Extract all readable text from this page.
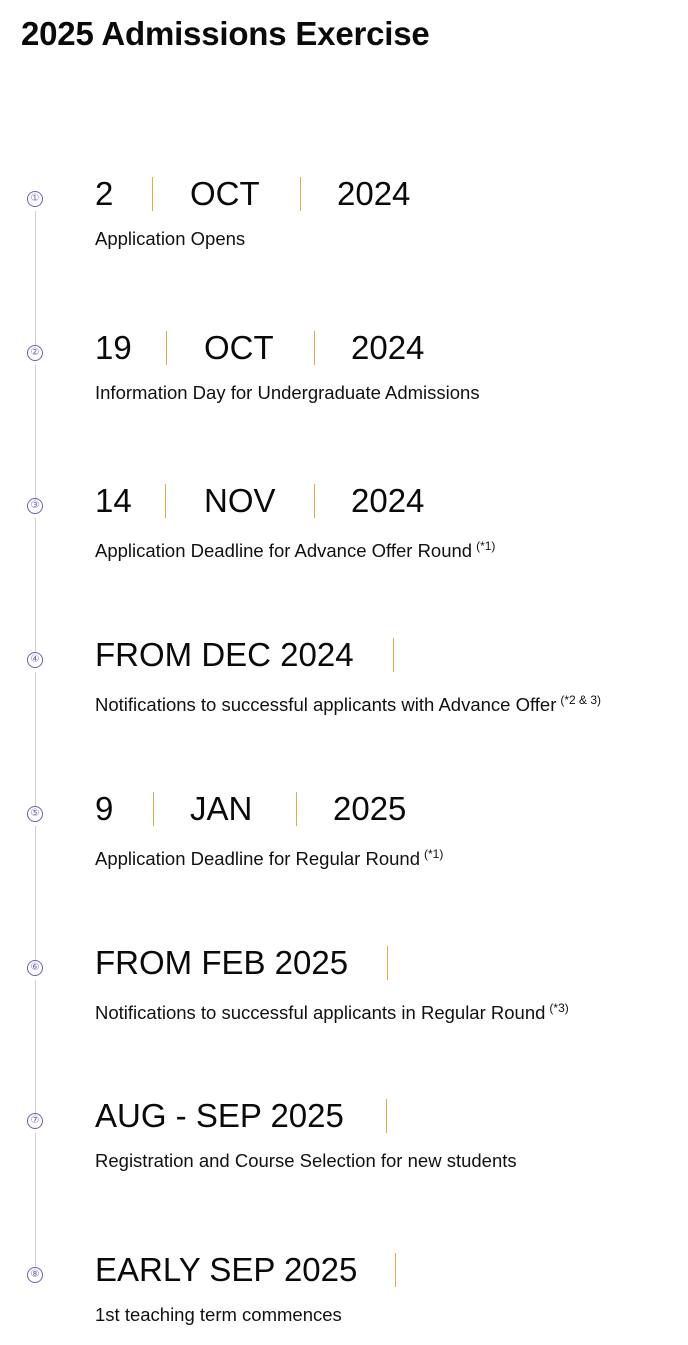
2025 Admissions Exercise
① 2	OCT	2024
Application Opens
② 19	OCT	2024
Information Day for Undergraduate Admissions
③ 14	NOV	2024
Application Deadline for Advance Offer Round $^{(*1)}$
④ FROM DEC 2024
Notifications to successful applicants with Advance Offer $^{(*2 \& 3)}$
⑤ 9	JAN	2025
Application Deadline for Regular Round $^{(*1)}$
⑥ FROM FEB 2025
Notifications to successful applicants in Regular Round $^{(*3)}$
⑦ AUG - SEP 2025
Registration and Course Selection for new students
⑧ EARLY SEP 2025
1st teaching term commences
